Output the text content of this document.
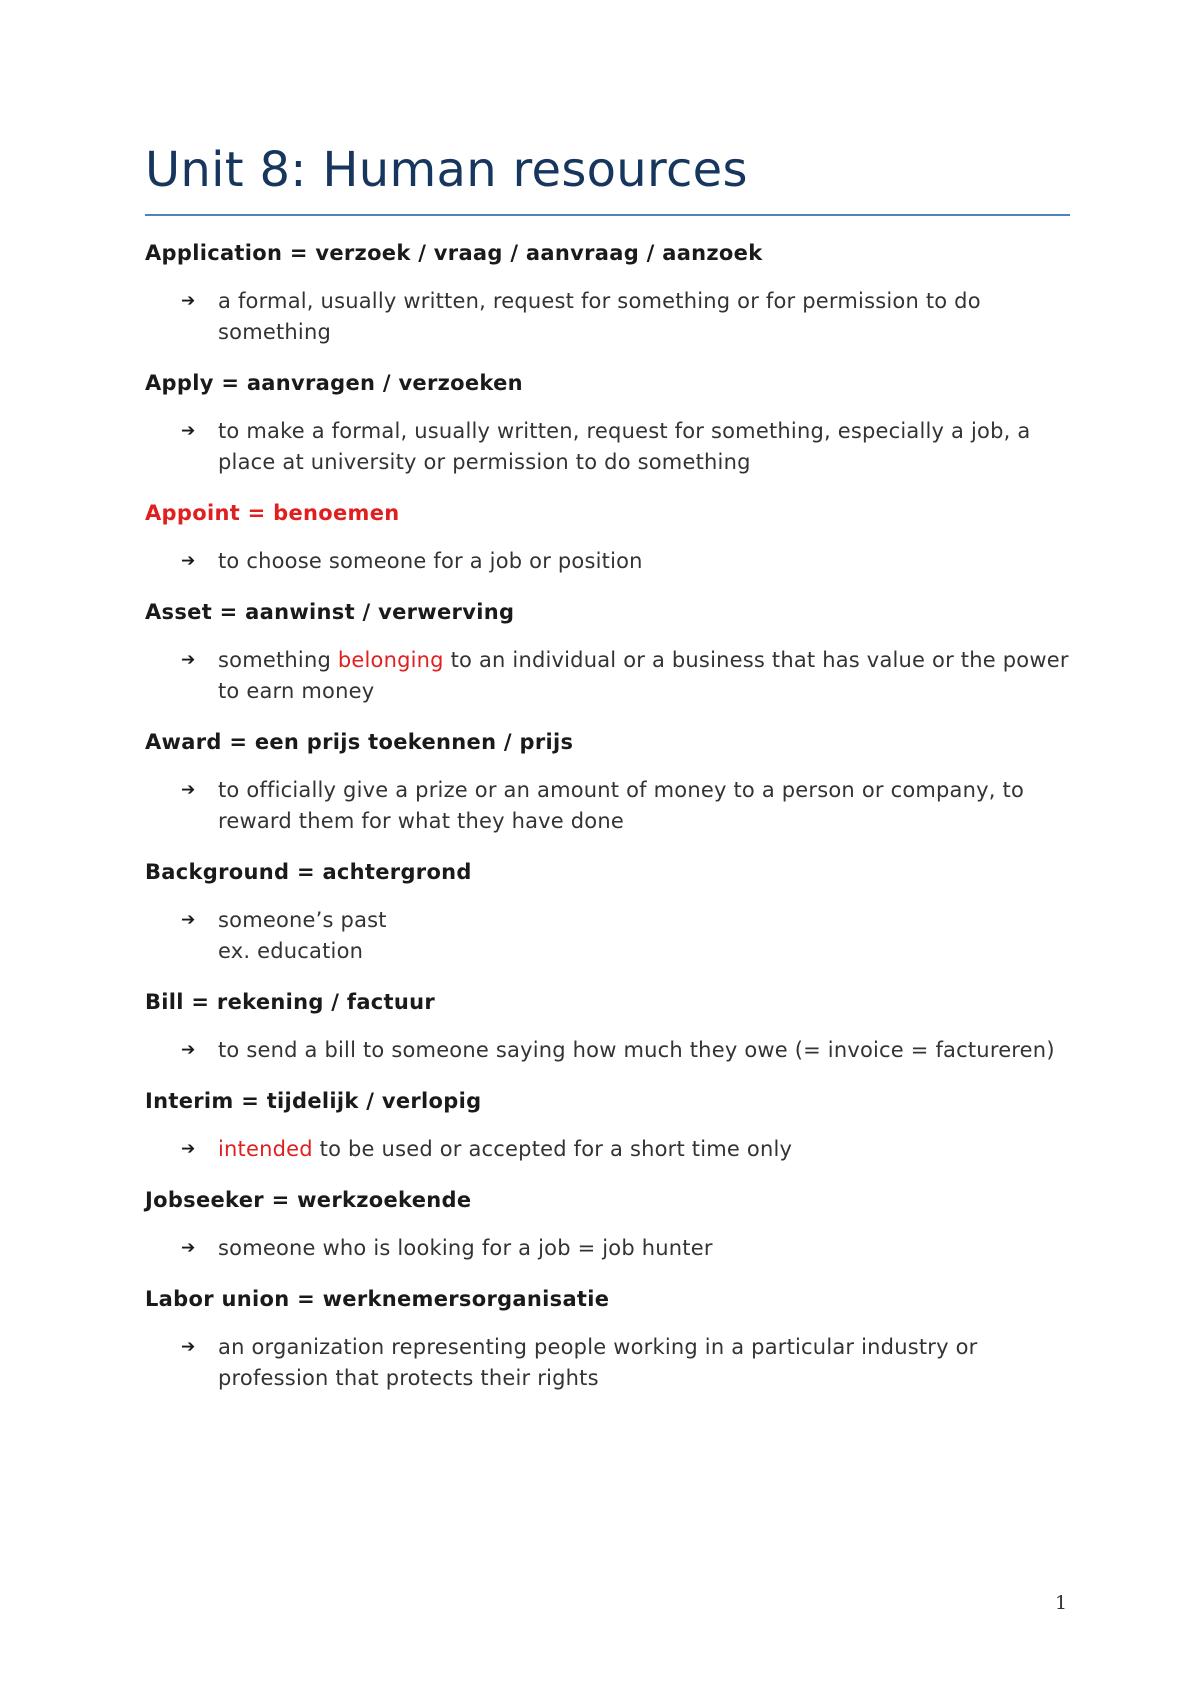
Unit 8: Human resources
Application = verzoek / vraag / aanvraag / aanzoek
➔ a formal, usually written, request for something or for permission to do something
Apply = aanvragen / verzoeken
➔ to make a formal, usually written, request for something, especially a job, a place at university or permission to do something
Appoint = benoemen
➔ to choose someone for a job or position
Asset = aanwinst / verwerving
➔ something belonging to an individual or a business that has value or the power to earn money
Award = een prijs toekennen / prijs
➔ to officially give a prize or an amount of money to a person or company, to reward them for what they have done
Background = achtergrond
➔ someone’s past
ex. education
Bill = rekening / factuur
➔ to send a bill to someone saying how much they owe (= invoice = factureren)
Interim = tijdelijk / verlopig
➔ intended to be used or accepted for a short time only
Jobseeker = werkzoekende
➔ someone who is looking for a job = job hunter
Labor union = werknemersorganisatie
➔ an organization representing people working in a particular industry or profession that protects their rights
1
